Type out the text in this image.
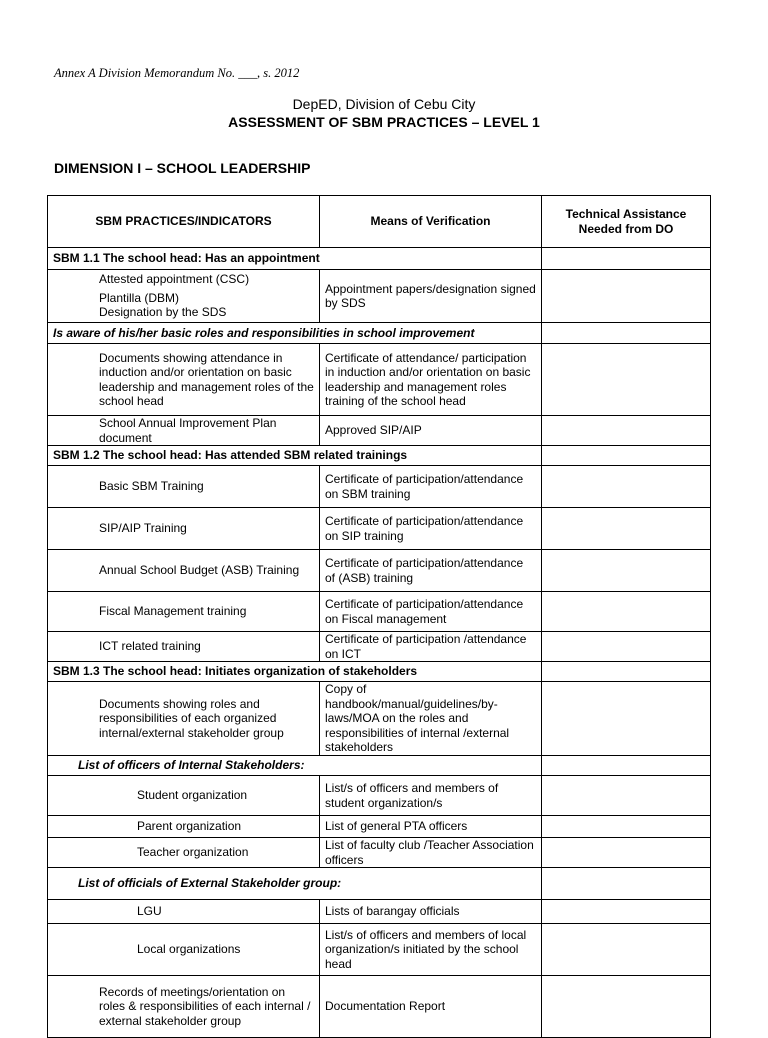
Annex A Division Memorandum No. ___, s. 2012
DepED, Division of Cebu City
ASSESSMENT OF SBM PRACTICES – LEVEL 1
DIMENSION I – SCHOOL LEADERSHIP
SBM PRACTICES/INDICATORS	Means of Verification	Technical Assistance
Needed from DO

SBM 1.1 The school head: Has an appointment		

Attested appointment (CSC)
Plantilla (DBM)
Designation by the SDS	Appointment papers/designation signed by SDS	
Is aware of his/her basic roles and responsibilities in school improvement		

Documents showing attendance in induction and/or orientation on basic leadership and management roles of the school head	Certificate of attendance/ participation in induction and/or orientation on basic leadership and management roles training of the school head	

School Annual Improvement Plan document	Approved SIP/AIP	
SBM 1.2 The school head: Has attended SBM related trainings		

Basic SBM Training	Certificate of participation/attendance on SBM training	

SIP/AIP Training	Certificate of participation/attendance on SIP training	

Annual School Budget (ASB) Training	Certificate of participation/attendance of (ASB) training	

Fiscal Management training	Certificate of participation/attendance on Fiscal management	

ICT related training	Certificate of participation /attendance on ICT	
SBM 1.3 The school head: Initiates organization of stakeholders		

Documents showing roles and responsibilities of each organized internal/external stakeholder group	Copy of handbook/manual/guidelines/by-laws/MOA on the roles and responsibilities of internal /external stakeholders	
List of officers of Internal Stakeholders:		

Student organization	List/s of officers and members of student organization/s	

Parent organization	List of general PTA officers	

Teacher organization	List of faculty club /Teacher Association officers	
List of officials of External Stakeholder group:		

LGU	Lists of barangay officials	

Local organizations	List/s of officers and members of local organization/s initiated by the school head	

Records of meetings/orientation on roles & responsibilities of each internal / external stakeholder group	Documentation Report	
